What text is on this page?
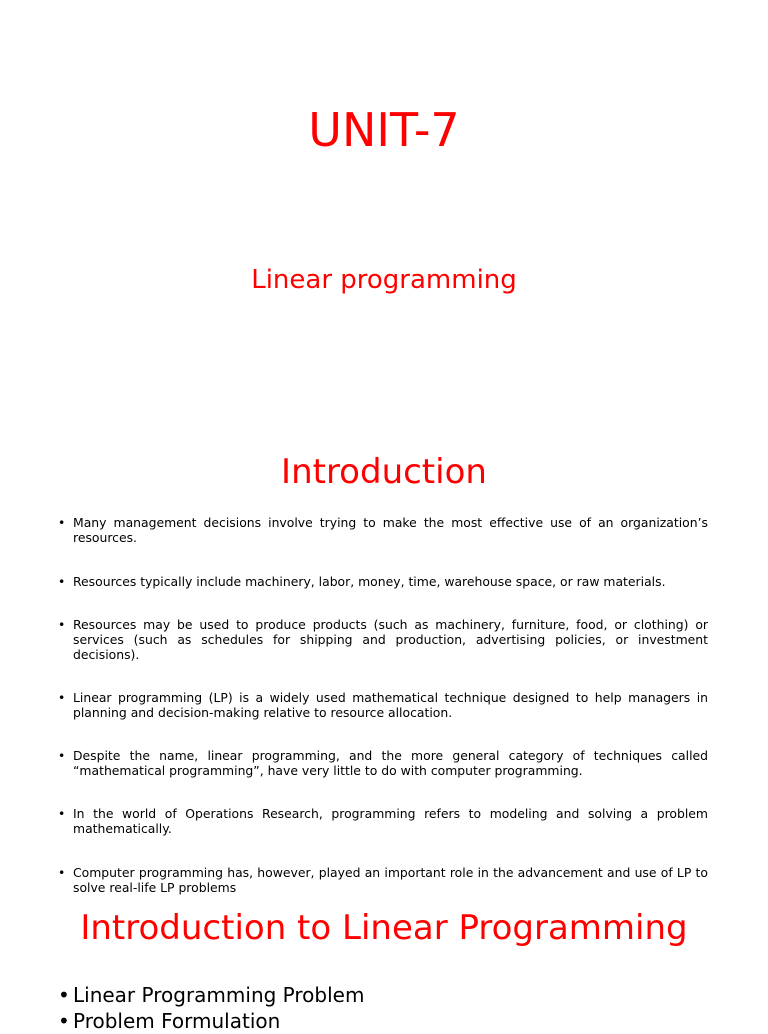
UNIT-7
Linear programming
Introduction
• Many management decisions involve trying to make the most effective use of an organization’s resources.
• Resources typically include machinery, labor, money, time, warehouse space, or raw materials.
• Resources may be used to produce products (such as machinery, furniture, food, or clothing) or services (such as schedules for shipping and production, advertising policies, or investment decisions).
• Linear programming (LP) is a widely used mathematical technique designed to help managers in planning and decision-making relative to resource allocation.
• Despite the name, linear programming, and the more general category of techniques called “mathematical programming”, have very little to do with computer programming.
• In the world of Operations Research, programming refers to modeling and solving a problem mathematically.
• Computer programming has, however, played an important role in the advancement and use of LP to solve real-life LP problems
Introduction to Linear Programming
• Linear Programming Problem
• Problem Formulation
